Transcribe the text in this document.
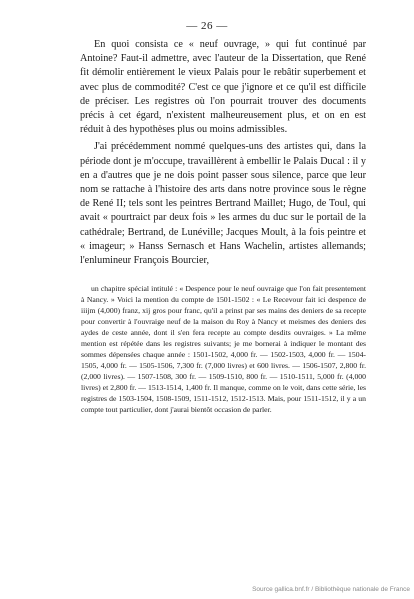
— 26 —

En quoi consista ce « neuf ouvrage, » qui fut continué par Antoine? Faut-il admettre, avec l'auteur de la Dissertation, que René fit démolir entièrement le vieux Palais pour le rebâtir superbement et avec plus de commodité? C'est ce que j'ignore et ce qu'il est difficile de préciser. Les registres où l'on pourrait trouver des documents précis à cet égard, n'existent malheureusement plus, et on en est réduit à des hypothèses plus ou moins admissibles.

J'ai précédemment nommé quelques-uns des artistes qui, dans la période dont je m'occupe, travaillèrent à embellir le Palais Ducal : il y en a d'autres que je ne dois point passer sous silence, parce que leur nom se rattache à l'histoire des arts dans notre province sous le règne de René II; tels sont les peintres Bertrand Maillet; Hugo, de Toul, qui avait « pourtraict par deux fois » les armes du duc sur le portail de la cathédrale; Bertrand, de Lunéville; Jacques Moult, à la fois peintre et « imageur; » Hanss Sernasch et Hans Wachelin, artistes allemands; l'enlumineur François Bourcier,

un chapitre spécial intitulé : « Despence pour le neuf ouvraige que l'on fait presentement à Nancy. » Voici la mention du compte de 1501-1502 : « Le Recevour fait ici despence de iiijm (4,000) franz, xij gros pour franc, qu'il a prinst par ses mains des deniers de sa recepte pour convertir à l'ouvraige neuf de la maison du Roy à Nancy et meismes des deniers des aydes de ceste année, dont il s'en fera recepte au compte desdits ouvraiges. » La même mention est répétée dans les registres suivants; je me bornerai à indiquer le montant des sommes dépensées chaque année : 1501-1502, 4,000 fr. — 1502-1503, 4,000 fr. — 1504-1505, 4,000 fr. — 1505-1506, 7,300 fr. (7,000 livres) et 600 livres. — 1506-1507, 2,800 fr. (2,000 livres). — 1507-1508, 300 fr. — 1509-1510, 800 fr. — 1510-1511, 5,000 fr. (4,000 livres) et 2,800 fr. — 1513-1514, 1,400 fr. Il manque, comme on le voit, dans cette série, les registres de 1503-1504, 1508-1509, 1511-1512, 1512-1513. Mais, pour 1511-1512, il y a un compte tout particulier, dont j'aurai bientôt occasion de parler.

Source gallica.bnf.fr / Bibliothèque nationale de France
